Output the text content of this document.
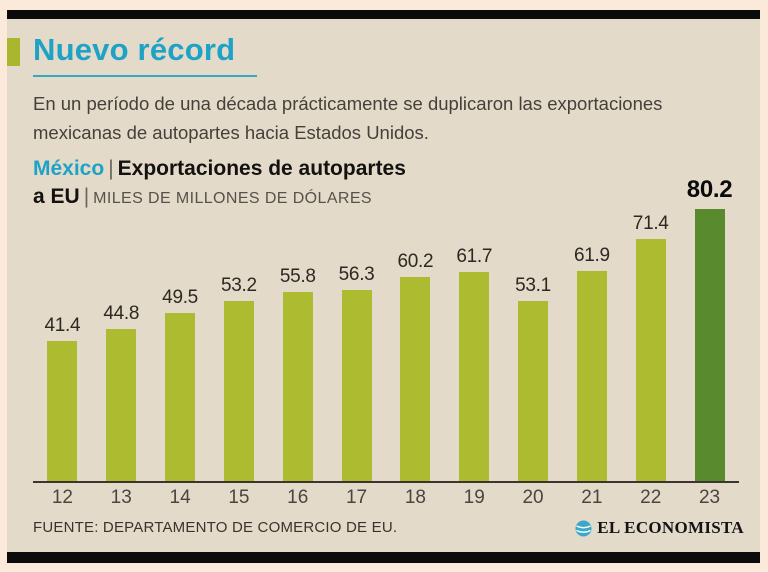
Nuevo récord
En un período de una década prácticamente se duplicaron las exportaciones
mexicanas de autopartes hacia Estados Unidos.
México | Exportaciones de autopartes
a EU | MILES DE MILLONES DE DÓLARES
41.4
44.8
49.5
53.2 55.8 56.3
60.2 61.7
53.1
61.9
71.4
80.2
12	13	14	15	16	17	18	19	20	21	22	23
FUENTE: DEPARTAMENTO DE COMERCIO DE EU.	EL ECONOMISTA
